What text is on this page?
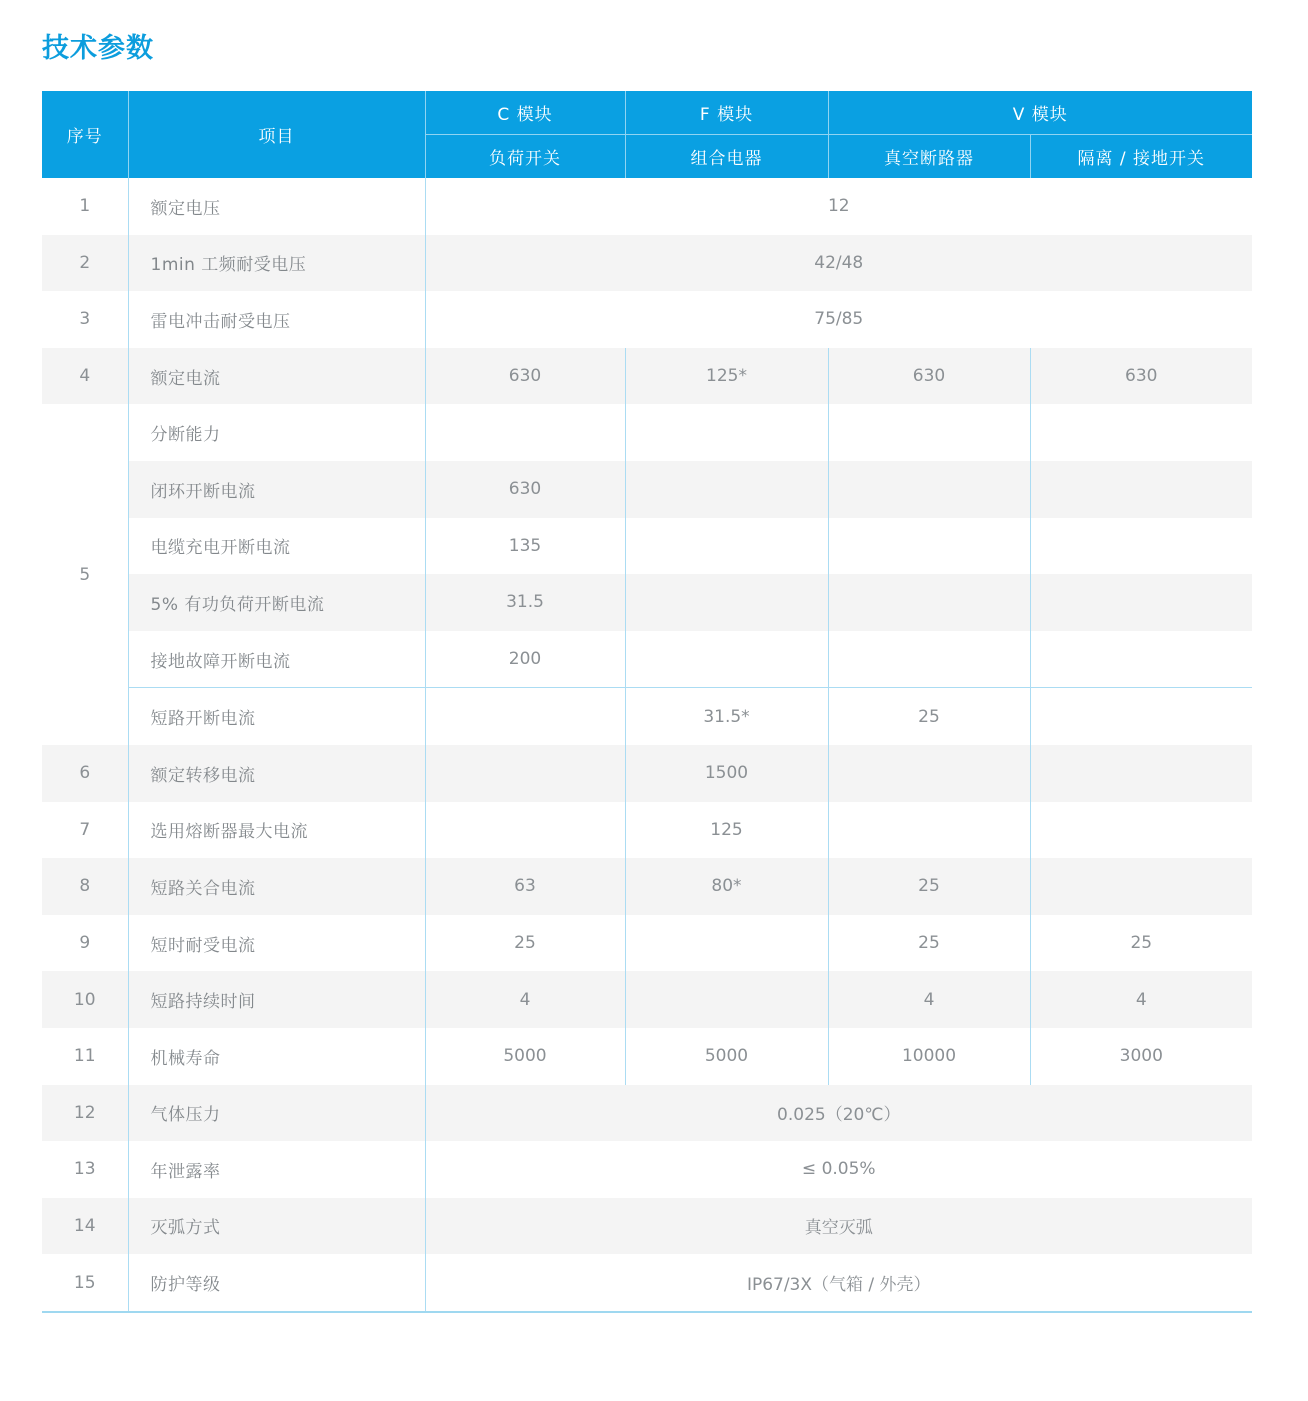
技术参数
序号	项目	C 模块	F 模块	V 模块	
		负荷开关	组合电器	真空断路器	隔离 / 接地开关
1	额定电压	12			
2	1min 工频耐受电压	42/48			
3	雷电冲击耐受电压	75/85			
4	额定电流	630	125*	630	630
5	分断能力				
	闭环开断电流	630			
	电缆充电开断电流	135			
	5% 有功负荷开断电流	31.5			
	接地故障开断电流	200			
	短路开断电流		31.5*	25	
6	额定转移电流		1500		
7	选用熔断器最大电流		125		
8	短路关合电流	63	80*	25	
9	短时耐受电流	25		25	25
10	短路持续时间	4		4	4
11	机械寿命	5000	5000	10000	3000
12	气体压力	0.025（20℃）			
13	年泄露率	≤ 0.05%			
14	灭弧方式	真空灭弧			
15	防护等级	IP67/3X（气箱 / 外壳）			
